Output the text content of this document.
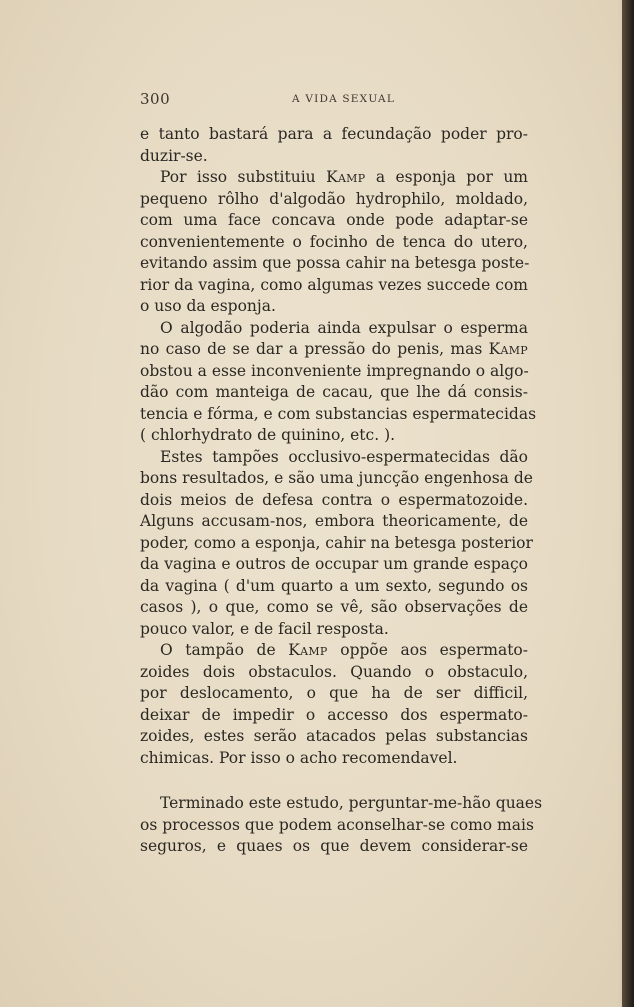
300	A VIDA SEXUAL
e tanto bastará para a fecundação poder pro-
duzir-se.
Por isso substituiu Kamp a esponja por um
pequeno rôlho d'algodão hydrophilo, moldado,
com uma face concava onde pode adaptar-se
convenientemente o focinho de tenca do utero,
evitando assim que possa cahir na betesga poste-
rior da vagina, como algumas vezes succede com
o uso da esponja.
O algodão poderia ainda expulsar o esperma
no caso de se dar a pressão do penis, mas Kamp
obstou a esse inconveniente impregnando o algo-
dão com manteiga de cacau, que lhe dá consis-
tencia e fórma, e com substancias espermatecidas
( chlorhydrato de quinino, etc. ).
Estes tampões occlusivo-espermatecidas dão
bons resultados, e são uma juncção engenhosa de
dois meios de defesa contra o espermatozoide.
Alguns accusam-nos, embora theoricamente, de
poder, como a esponja, cahir na betesga posterior
da vagina e outros de occupar um grande espaço
da vagina ( d'um quarto a um sexto, segundo os
casos ), o que, como se vê, são observações de
pouco valor, e de facil resposta.
O tampão de Kamp oppõe aos espermato-
zoides dois obstaculos. Quando o obstaculo,
por deslocamento, o que ha de ser difficil,
deixar de impedir o accesso dos espermato-
zoides, estes serão atacados pelas substancias
chimicas. Por isso o acho recomendavel.
Terminado este estudo, perguntar-me-hão quaes
os processos que podem aconselhar-se como mais
seguros, e quaes os que devem considerar-se
